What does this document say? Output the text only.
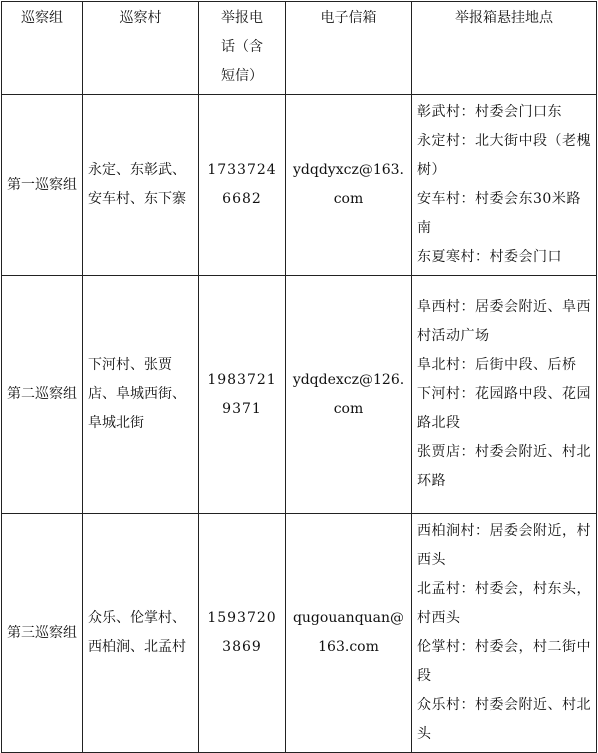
巡察组	巡察村	举报电话（含短信）	电子信箱	举报箱悬挂地点
第一巡察组	永定、东彰武、安车村、东下寨	17337246682	ydqdyxcz@163.com	彰武村：村委会门口东
永定村：北大街中段（老槐树）
安车村：村委会东30米路南
东夏寒村：村委会门口

第二巡察组	下河村、张贾店、阜城西街、阜城北街	19837219371	ydqdexcz@126.com	阜西村：居委会附近、阜西村活动广场
阜北村：后街中段、后桥
下河村：花园路中段、花园路北段
张贾店：村委会附近、村北环路

第三巡察组	众乐、伦掌村、西柏涧、北孟村	15937203869	qugouanquan@163.com	西柏涧村：居委会附近，村西头
北孟村：村委会，村东头，村西头
伦掌村：村委会，村二街中段
众乐村：村委会附近、村北头
